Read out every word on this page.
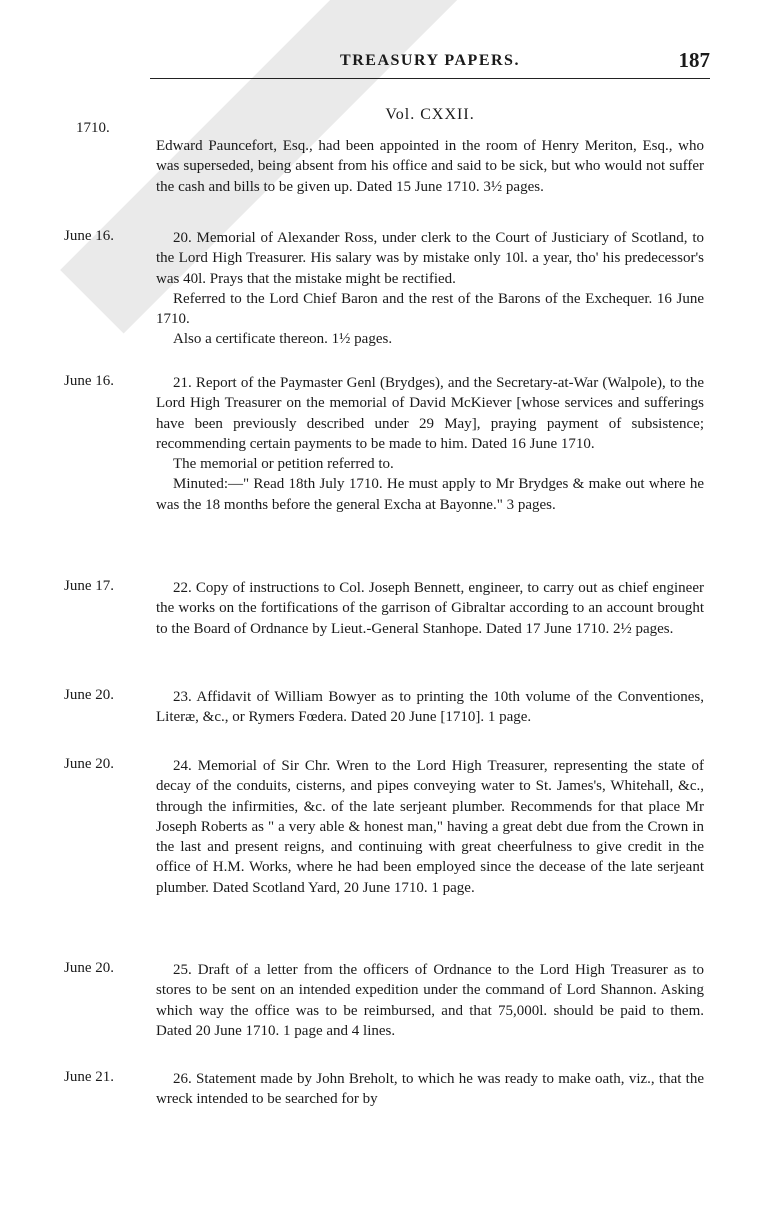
TREASURY PAPERS.	187
Vol. CXXII.
1710.

Edward Pauncefort, Esq., had been appointed in the room of Henry Meriton, Esq., who was superseded, being absent from his office and said to be sick, but who would not suffer the cash and bills to be given up. Dated 15 June 1710. 3½ pages.

June 16.	20. Memorial of Alexander Ross, under clerk to the Court of Justiciary of Scotland, to the Lord High Treasurer. His salary was by mistake only 10l. a year, tho' his predecessor's was 40l. Prays that the mistake might be rectified.

Referred to the Lord Chief Baron and the rest of the Barons of the Exchequer. 16 June 1710.

Also a certificate thereon. 1½ pages.

June 16.	21. Report of the Paymaster Genl (Brydges), and the Secretary-at-War (Walpole), to the Lord High Treasurer on the memorial of David McKiever [whose services and sufferings have been previously described under 29 May], praying payment of subsistence; recommending certain payments to be made to him. Dated 16 June 1710.

The memorial or petition referred to.

Minuted:—" Read 18th July 1710. He must apply to Mr Brydges & make out where he was the 18 months before the general Excha at Bayonne." 3 pages.

June 17.	22. Copy of instructions to Col. Joseph Bennett, engineer, to carry out as chief engineer the works on the fortifications of the garrison of Gibraltar according to an account brought to the Board of Ordnance by Lieut.-General Stanhope. Dated 17 June 1710. 2½ pages.

June 20.	23. Affidavit of William Bowyer as to printing the 10th volume of the Conventiones, Literæ, &c., or Rymers Fœdera. Dated 20 June [1710]. 1 page.

June 20.	24. Memorial of Sir Chr. Wren to the Lord High Treasurer, representing the state of decay of the conduits, cisterns, and pipes conveying water to St. James's, Whitehall, &c., through the infirmities, &c. of the late serjeant plumber. Recommends for that place Mr Joseph Roberts as " a very able & honest man," having a great debt due from the Crown in the last and present reigns, and continuing with great cheerfulness to give credit in the office of H.M. Works, where he had been employed since the decease of the late serjeant plumber. Dated Scotland Yard, 20 June 1710. 1 page.

June 20.	25. Draft of a letter from the officers of Ordnance to the Lord High Treasurer as to stores to be sent on an intended expedition under the command of Lord Shannon. Asking which way the office was to be reimbursed, and that 75,000l. should be paid to them. Dated 20 June 1710. 1 page and 4 lines.

June 21.	26. Statement made by John Breholt, to which he was ready to make oath, viz., that the wreck intended to be searched for by
